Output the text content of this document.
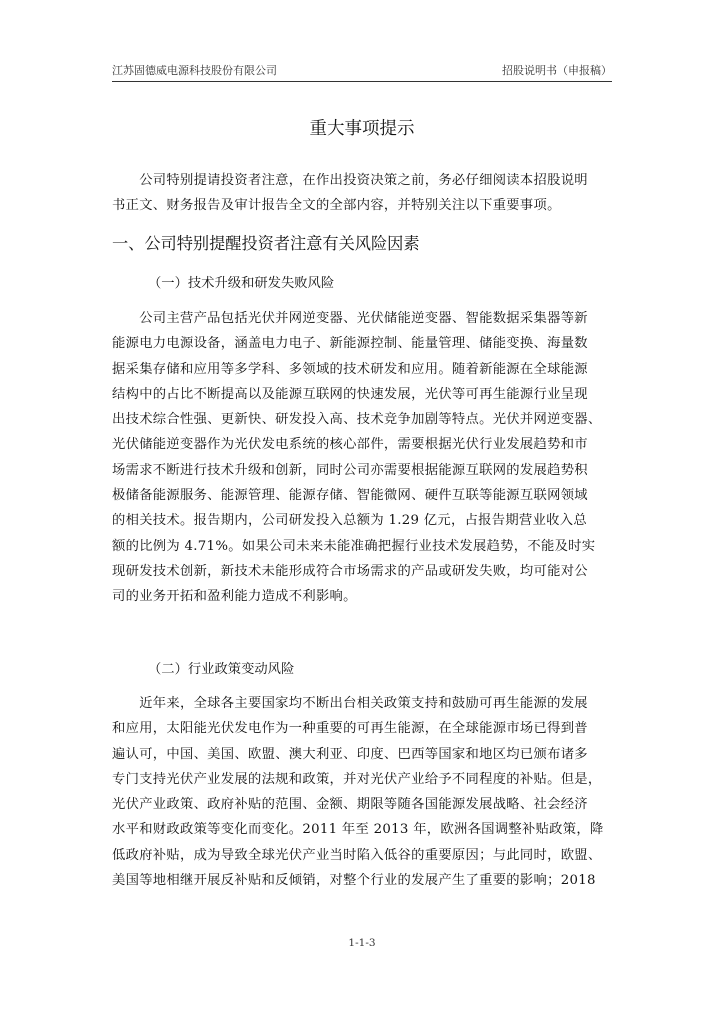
江苏固德威电源科技股份有限公司	招股说明书（申报稿）
重大事项提示
　　公司特别提请投资者注意，在作出投资决策之前，务必仔细阅读本招股说明
书正文、财务报告及审计报告全文的全部内容，并特别关注以下重要事项。
一、公司特别提醒投资者注意有关风险因素
（一）技术升级和研发失败风险
　　公司主营产品包括光伏并网逆变器、光伏储能逆变器、智能数据采集器等新
能源电力电源设备，涵盖电力电子、新能源控制、能量管理、储能变换、海量数
据采集存储和应用等多学科、多领域的技术研发和应用。随着新能源在全球能源
结构中的占比不断提高以及能源互联网的快速发展，光伏等可再生能源行业呈现
出技术综合性强、更新快、研发投入高、技术竞争加剧等特点。光伏并网逆变器、
光伏储能逆变器作为光伏发电系统的核心部件，需要根据光伏行业发展趋势和市
场需求不断进行技术升级和创新，同时公司亦需要根据能源互联网的发展趋势积
极储备能源服务、能源管理、能源存储、智能微网、硬件互联等能源互联网领域
的相关技术。报告期内，公司研发投入总额为 1.29 亿元，占报告期营业收入总
额的比例为 4.71%。如果公司未来未能准确把握行业技术发展趋势，不能及时实
现研发技术创新，新技术未能形成符合市场需求的产品或研发失败，均可能对公
司的业务开拓和盈利能力造成不利影响。
（二）行业政策变动风险
　　近年来，全球各主要国家均不断出台相关政策支持和鼓励可再生能源的发展
和应用，太阳能光伏发电作为一种重要的可再生能源，在全球能源市场已得到普
遍认可，中国、美国、欧盟、澳大利亚、印度、巴西等国家和地区均已颁布诸多
专门支持光伏产业发展的法规和政策，并对光伏产业给予不同程度的补贴。但是，
光伏产业政策、政府补贴的范围、金额、期限等随各国能源发展战略、社会经济
水平和财政政策等变化而变化。2011 年至 2013 年，欧洲各国调整补贴政策，降
低政府补贴，成为导致全球光伏产业当时陷入低谷的重要原因；与此同时，欧盟、
美国等地相继开展反补贴和反倾销，对整个行业的发展产生了重要的影响；2018
1-1-3
